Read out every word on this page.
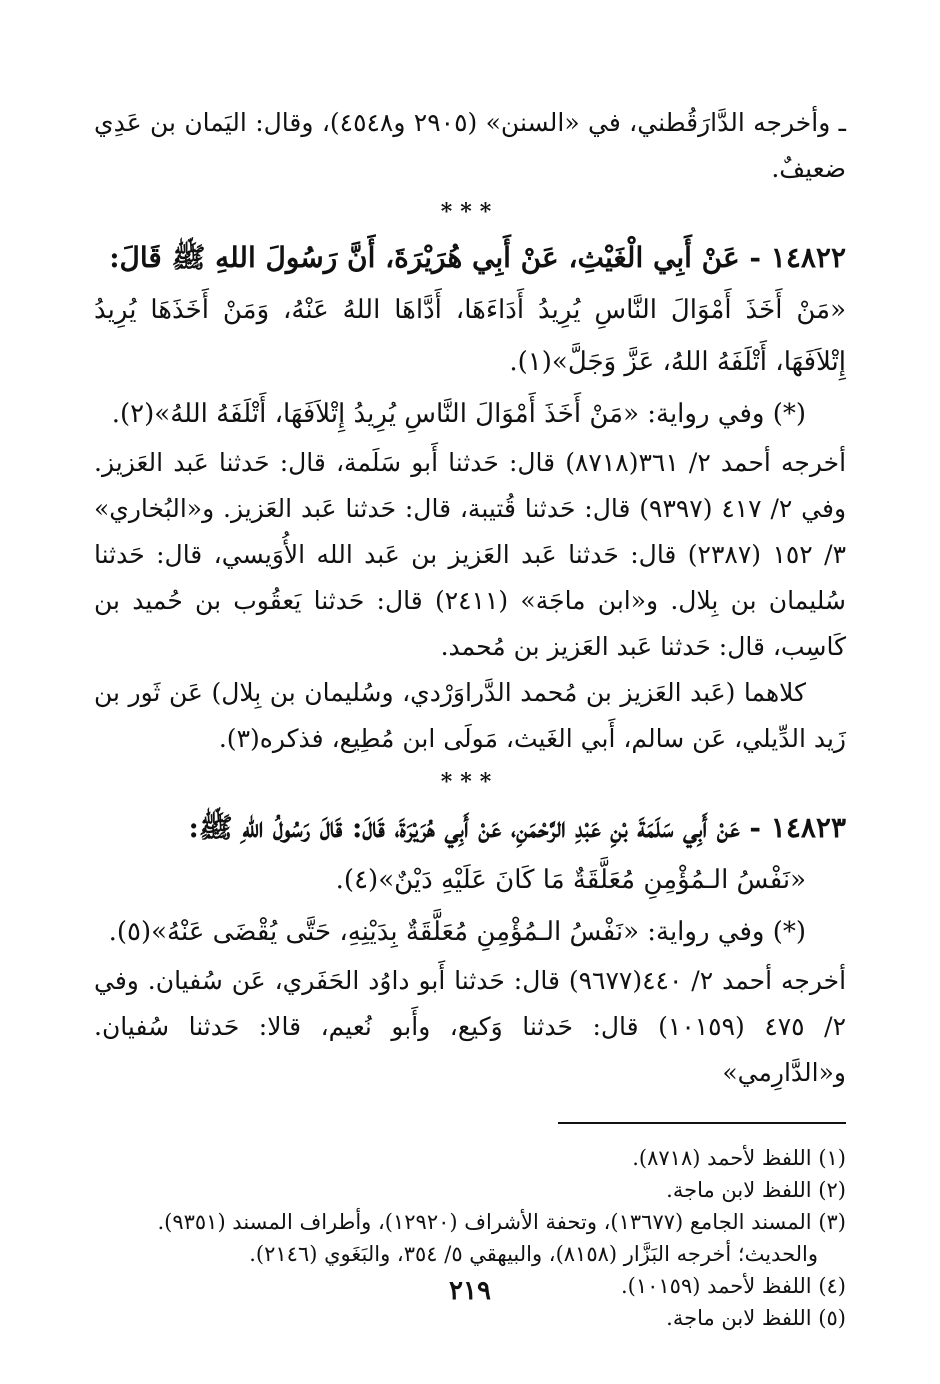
ـ وأخرجه الدَّارَقُطني، في «السنن» (٢٩٠٥ و٤٥٤٨)، وقال: اليَمان بن عَدِي ضعيفٌ.

***

١٤٨٢٢ - عَنْ أَبِي الْغَيْثِ، عَنْ أَبِي هُرَيْرَةَ، أَنَّ رَسُولَ اللهِ ﷺ قَالَ:

«مَنْ أَخَذَ أَمْوَالَ النَّاسِ يُرِيدُ أَدَاءَهَا، أَدَّاهَا اللهُ عَنْهُ، وَمَنْ أَخَذَهَا يُرِيدُ إِتْلاَفَهَا، أَتْلَفَهُ اللهُ، عَزَّ وَجَلَّ»(١).

(*) وفي رواية: «مَنْ أَخَذَ أَمْوَالَ النَّاسِ يُرِيدُ إِتْلاَفَهَا، أَتْلَفَهُ اللهُ»(٢).

أخرجه أحمد ٢/ ٣٦١(٨٧١٨) قال: حَدثنا أَبو سَلَمة، قال: حَدثنا عَبد العَزيز. وفي ٢/ ٤١٧ (٩٣٩٧) قال: حَدثنا قُتيبة، قال: حَدثنا عَبد العَزيز. و«البُخاري» ٣/ ١٥٢ (٢٣٨٧) قال: حَدثنا عَبد العَزيز بن عَبد الله الأُوَيسي، قال: حَدثنا سُليمان بن بِلال. و«ابن ماجَة» (٢٤١١) قال: حَدثنا يَعقُوب بن حُميد بن كَاسِب، قال: حَدثنا عَبد العَزيز بن مُحمد.

كلاهما (عَبد العَزيز بن مُحمد الدَّراوَرْدي، وسُليمان بن بِلال) عَن ثَور بن زَيد الدِّيلي، عَن سالم، أَبي الغَيث، مَولَى ابن مُطِيع، فذكره(٣).

***

١٤٨٢٣ - عَنْ أَبِي سَلَمَةَ بْنِ عَبْدِ الرَّحْمَنِ، عَنْ أَبِي هُرَيْرَةَ، قَالَ: قَالَ رَسُولُ اللهِ ﷺ:

«نَفْسُ الـمُؤْمِنِ مُعَلَّقَةٌ مَا كَانَ عَلَيْهِ دَيْنٌ»(٤).

(*) وفي رواية: «نَفْسُ الـمُؤْمِنِ مُعَلَّقَةٌ بِدَيْنِهِ، حَتَّى يُقْضَى عَنْهُ»(٥).

أخرجه أحمد ٢/ ٤٤٠(٩٦٧٧) قال: حَدثنا أَبو داوُد الحَفَري، عَن سُفيان. وفي ٢/ ٤٧٥ (١٠١٥٩) قال: حَدثنا وَكيع، وأَبو نُعيم، قالا: حَدثنا سُفيان. و«الدَّارِمي»

(١) اللفظ لأحمد (٨٧١٨).

(٢) اللفظ لابن ماجة.

(٣) المسند الجامع (١٣٦٧٧)، وتحفة الأشراف (١٢٩٢٠)، وأطراف المسند (٩٣٥١).

والحديث؛ أخرجه البَزَّار (٨١٥٨)، والبيهقي ٥/ ٣٥٤، والبَغَوي (٢١٤٦).

(٤) اللفظ لأحمد (١٠١٥٩).

(٥) اللفظ لابن ماجة.

٢١٩
